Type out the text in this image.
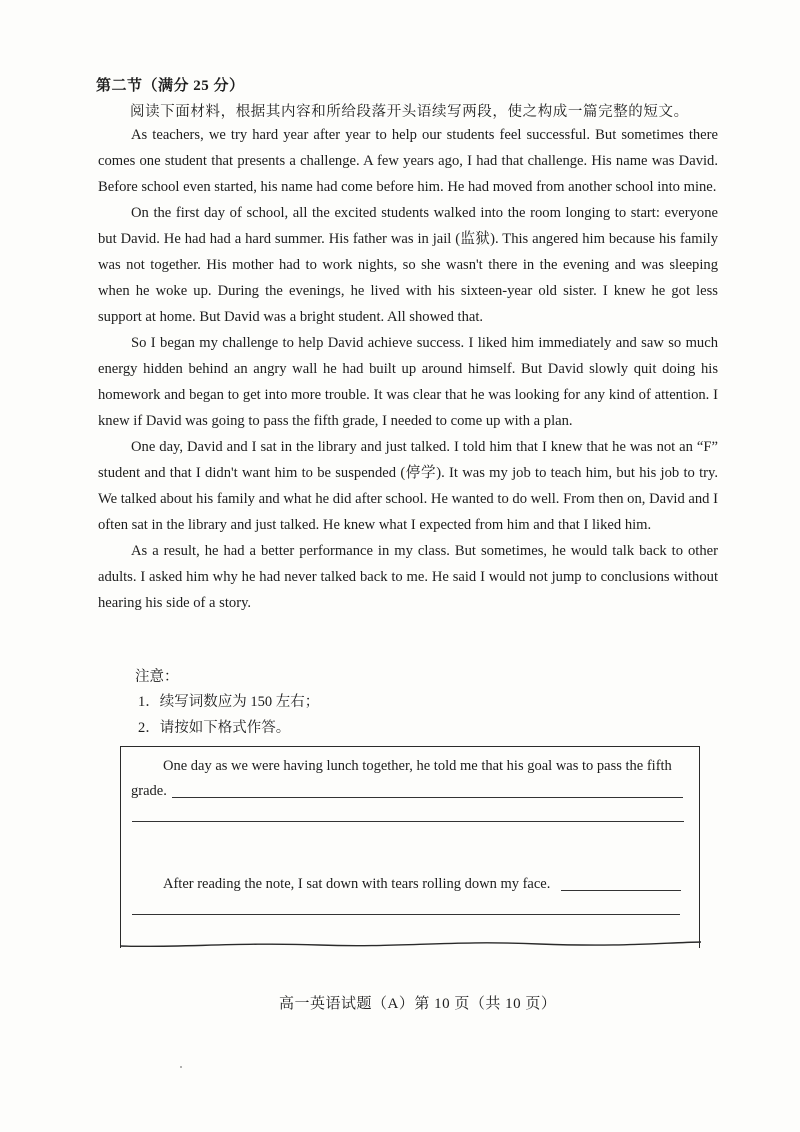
第二节（满分 25 分）
阅读下面材料，根据其内容和所给段落开头语续写两段，使之构成一篇完整的短文。

As teachers, we try hard year after year to help our students feel successful. But sometimes there comes one student that presents a challenge. A few years ago, I had that challenge. His name was David. Before school even started, his name had come before him. He had moved from another school into mine.

On the first day of school, all the excited students walked into the room longing to start: everyone but David. He had had a hard summer. His father was in jail (监狱). This angered him because his family was not together. His mother had to work nights, so she wasn't there in the evening and was sleeping when he woke up. During the evenings, he lived with his sixteen-year old sister. I knew he got less support at home. But David was a bright student. All showed that.

So I began my challenge to help David achieve success. I liked him immediately and saw so much energy hidden behind an angry wall he had built up around himself. But David slowly quit doing his homework and began to get into more trouble. It was clear that he was looking for any kind of attention. I knew if David was going to pass the fifth grade, I needed to come up with a plan.

One day, David and I sat in the library and just talked. I told him that I knew that he was not an “F” student and that I didn't want him to be suspended (停学). It was my job to teach him, but his job to try. We talked about his family and what he did after school. He wanted to do well. From then on, David and I often sat in the library and just talked. He knew what I expected from him and that I liked him.

As a result, he had a better performance in my class. But sometimes, he would talk back to other adults. I asked him why he had never talked back to me. He said I would not jump to conclusions without hearing his side of a story.

注意：
1．续写词数应为 150 左右；
2．请按如下格式作答。
One day as we were having lunch together, he told me that his goal was to pass the fifth
grade.
After reading the note, I sat down with tears rolling down my face.
高一英语试题（A）第 10 页（共 10 页）
